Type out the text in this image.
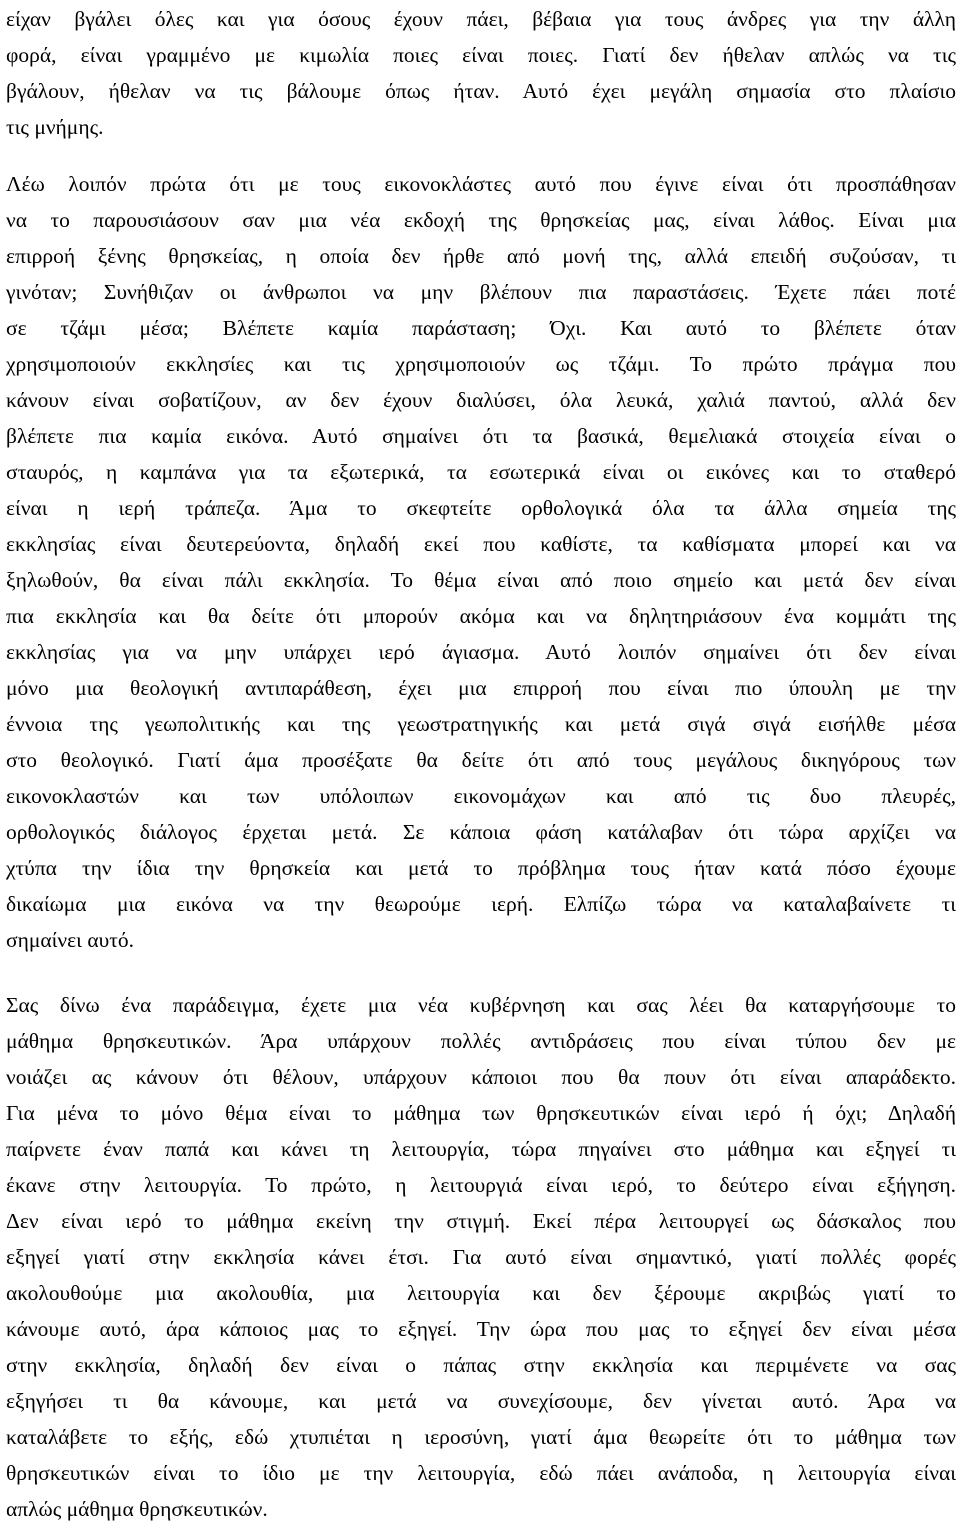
είχαν βγάλει όλες και για όσους έχουν πάει, βέβαια για τους άνδρες για την άλλη
φορά, είναι γραμμένο με κιμωλία ποιες είναι ποιες. Γιατί δεν ήθελαν απλώς να τις
βγάλουν, ήθελαν να τις βάλουμε όπως ήταν. Αυτό έχει μεγάλη σημασία στο πλαίσιο
τις μνήμης.
Λέω λοιπόν πρώτα ότι με τους εικονοκλάστες αυτό που έγινε είναι ότι προσπάθησαν
να το παρουσιάσουν σαν μια νέα εκδοχή της θρησκείας μας, είναι λάθος. Είναι μια
επιρροή ξένης θρησκείας, η οποία δεν ήρθε από μονή της, αλλά επειδή συζούσαν, τι
γινόταν; Συνήθιζαν οι άνθρωποι να μην βλέπουν πια παραστάσεις. Έχετε πάει ποτέ
σε τζάμι μέσα; Βλέπετε καμία παράσταση; Όχι. Και αυτό το βλέπετε όταν
χρησιμοποιούν εκκλησίες και τις χρησιμοποιούν ως τζάμι. Το πρώτο πράγμα που
κάνουν είναι σοβατίζουν, αν δεν έχουν διαλύσει, όλα λευκά, χαλιά παντού, αλλά δεν
βλέπετε πια καμία εικόνα. Αυτό σημαίνει ότι τα βασικά, θεμελιακά στοιχεία είναι ο
σταυρός, η καμπάνα για τα εξωτερικά, τα εσωτερικά είναι οι εικόνες και το σταθερό
είναι η ιερή τράπεζα. Άμα το σκεφτείτε ορθολογικά όλα τα άλλα σημεία της
εκκλησίας είναι δευτερεύοντα, δηλαδή εκεί που καθίστε, τα καθίσματα μπορεί και να
ξηλωθούν, θα είναι πάλι εκκλησία. Το θέμα είναι από ποιο σημείο και μετά δεν είναι
πια εκκλησία και θα δείτε ότι μπορούν ακόμα και να δηλητηριάσουν ένα κομμάτι της
εκκλησίας για να μην υπάρχει ιερό άγιασμα. Αυτό λοιπόν σημαίνει ότι δεν είναι
μόνο μια θεολογική αντιπαράθεση, έχει μια επιρροή που είναι πιο ύπουλη με την
έννοια της γεωπολιτικής και της γεωστρατηγικής και μετά σιγά σιγά εισήλθε μέσα
στο θεολογικό. Γιατί άμα προσέξατε θα δείτε ότι από τους μεγάλους δικηγόρους των
εικονοκλαστών και των υπόλοιπων εικονομάχων και από τις δυο πλευρές,
ορθολογικός διάλογος έρχεται μετά. Σε κάποια φάση κατάλαβαν ότι τώρα αρχίζει να
χτύπα την ίδια την θρησκεία και μετά το πρόβλημα τους ήταν κατά πόσο έχουμε
δικαίωμα μια εικόνα να την θεωρούμε ιερή. Ελπίζω τώρα να καταλαβαίνετε τι
σημαίνει αυτό.
Σας δίνω ένα παράδειγμα, έχετε μια νέα κυβέρνηση και σας λέει θα καταργήσουμε το
μάθημα θρησκευτικών. Άρα υπάρχουν πολλές αντιδράσεις που είναι τύπου δεν με
νοιάζει ας κάνουν ότι θέλουν, υπάρχουν κάποιοι που θα πουν ότι είναι απαράδεκτο.
Για μένα το μόνο θέμα είναι το μάθημα των θρησκευτικών είναι ιερό ή όχι; Δηλαδή
παίρνετε έναν παπά και κάνει τη λειτουργία, τώρα πηγαίνει στο μάθημα και εξηγεί τι
έκανε στην λειτουργία. Το πρώτο, η λειτουργιά είναι ιερό, το δεύτερο είναι εξήγηση.
Δεν είναι ιερό το μάθημα εκείνη την στιγμή. Εκεί πέρα λειτουργεί ως δάσκαλος που
εξηγεί γιατί στην εκκλησία κάνει έτσι. Για αυτό είναι σημαντικό, γιατί πολλές φορές
ακολουθούμε μια ακολουθία, μια λειτουργία και δεν ξέρουμε ακριβώς γιατί το
κάνουμε αυτό, άρα κάποιος μας το εξηγεί. Την ώρα που μας το εξηγεί δεν είναι μέσα
στην εκκλησία, δηλαδή δεν είναι ο πάπας στην εκκλησία και περιμένετε να σας
εξηγήσει τι θα κάνουμε, και μετά να συνεχίσουμε, δεν γίνεται αυτό. Άρα να
καταλάβετε το εξής, εδώ χτυπιέται η ιεροσύνη, γιατί άμα θεωρείτε ότι το μάθημα των
θρησκευτικών είναι το ίδιο με την λειτουργία, εδώ πάει ανάποδα, η λειτουργία είναι
απλώς μάθημα θρησκευτικών.
